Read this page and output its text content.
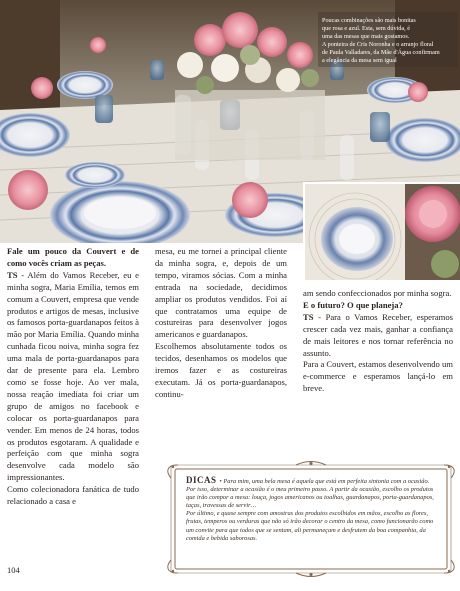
Poucas combinações são mais bonitas
que rosa e azul. Esta, sem dúvida, é
uma das mesas que mais gostamos.
A ponteira de Cris Noronha e o arranjo floral
de Paula Valladares, da Mãe d'Água confirmam
a elegância da mesa sem igual

Fale um pouco da Couvert e de como vocês criam as peças.

TS - Além do Vamos Receber, eu e minha sogra, Maria Emília, temos em comum a Couvert, empresa que vende produtos e artigos de mesas, inclusive os famosos porta-guardanapos feitos à mão por Maria Emília. Quando minha cunhada ficou noiva, minha sogra fez uma mala de porta-guardanapos para dar de presente para ela. Lembro como se fosse hoje. Ao ver mala, nossa reação imediata foi criar um grupo de amigos no facebook e colocar os porta-guardanapos para vender. Em menos de 24 horas, todos os produtos esgotaram. A qualidade e perfeição com que minha sogra desenvolve cada modelo são impressionantes.

Como colecionadora fanática de tudo relacionado a casa e

mesa, eu me tornei a principal cliente da minha sogra, e, depois de um tempo, viramos sócias. Com a minha entrada na sociedade, decidimos ampliar os produtos vendidos. Foi aí que contratamos uma equipe de costureiras para desenvolver jogos americanos e guardanapos.

Escolhemos absolutamente todos os tecidos, desenhamos os modelos que iremos fazer e as costureiras executam. Já os porta-guardanapos, continu-

am sendo confeccionados por minha sogra.

E o futuro? O que planeja?

TS - Para o Vamos Receber, esperamos crescer cada vez mais, ganhar a confiança de mais leitores e nos tornar referência no assunto.

Para a Couvert, estamos desenvolvendo um e-commerce e esperamos lançá-lo em breve.

DICAS • Para mim, uma bela mesa é aquela que está em perfeita sintonia com a ocasião. Por isso, determinar a ocasião é o meu primeiro passo. A partir da ocasião, escolho os produtos que irão compor a mesa: louça, jogos americanos ou toalhas, guardanapos, porta-guardanapos, taças, travessas de servir…

Por último, e quase sempre com amostras dos produtos escolhidos em mãos, escolho as flores, frutas, temperos ou verduras que não só irão decorar o centro da mesa, como funcionarão como um convite para que todos que se sentam, ali permaneçam e desfrutem da boa companhia, da comida e bebida saborosas.

104
